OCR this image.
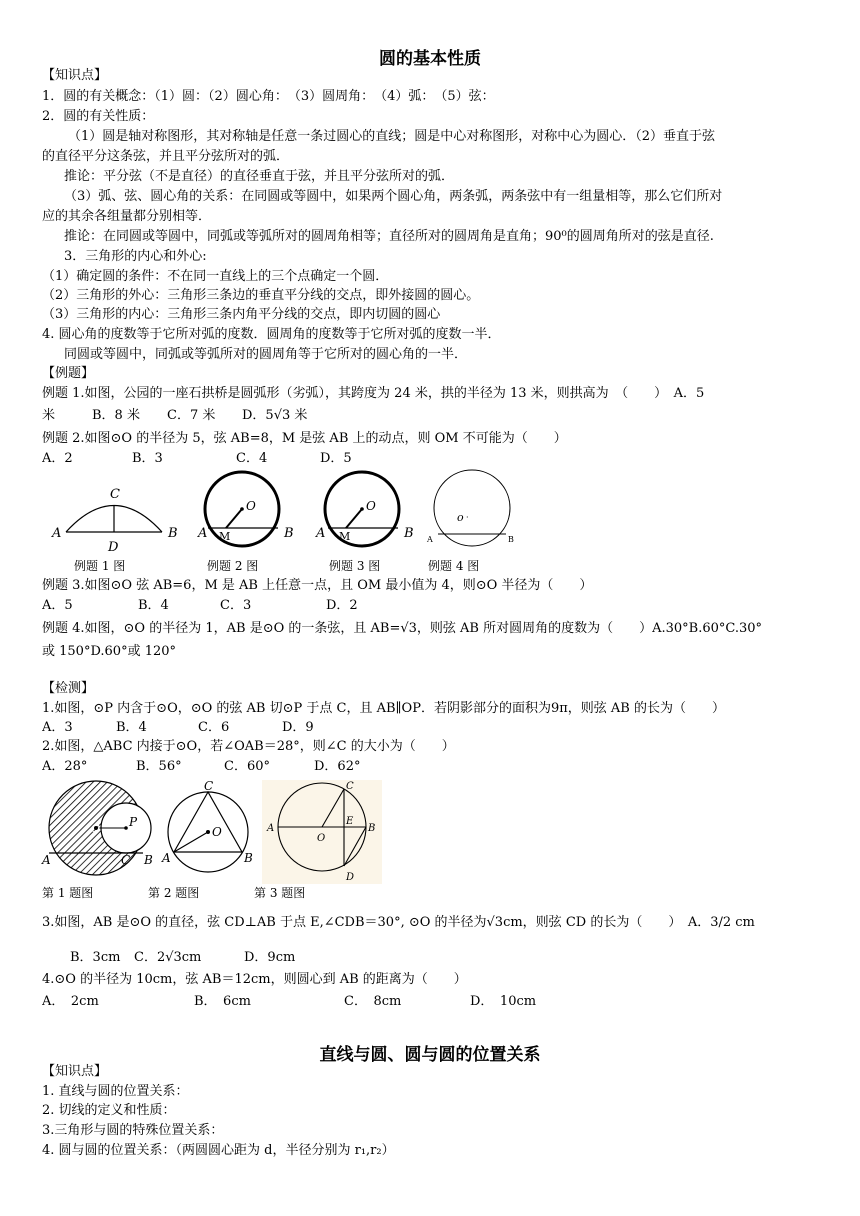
圆的基本性质
【知识点】
1．圆的有关概念：（1）圆：（2）圆心角：　（3）圆周角：　（4）弧：　（5）弦：
2．圆的有关性质：
（1）圆是轴对称图形，其对称轴是任意一条过圆心的直线；圆是中心对称图形，对称中心为圆心．（2）垂直于弦
的直径平分这条弦，并且平分弦所对的弧．
推论：平分弦（不是直径）的直径垂直于弦，并且平分弦所对的弧．
（3）弧、弦、圆心角的关系：在同圆或等圆中，如果两个圆心角，两条弧，两条弦中有一组量相等，那么它们所对
应的其余各组量都分别相等．
推论：在同圆或等圆中，同弧或等弧所对的圆周角相等；直径所对的圆周角是直角；90⁰的圆周角所对的弦是直径.
3．三角形的内心和外心:
（1）确定圆的条件：不在同一直线上的三个点确定一个圆．
（2）三角形的外心：三角形三条边的垂直平分线的交点，即外接圆的圆心。
（3）三角形的内心：三角形三条内角平分线的交点，即内切圆的圆心
4. 圆心角的度数等于它所对弧的度数．圆周角的度数等于它所对弧的度数一半．
同圆或等圆中，同弧或等弧所对的圆周角等于它所对的圆心角的一半．
【例题】
例题 1.如图，公园的一座石拱桥是圆弧形（劣弧），其跨度为 24 米，拱的半径为 13 米，则拱高为　（　　）　A．5
米	B．8 米 C．7 米 D．5√3 米
例题 2.如图⊙O 的半径为 5，弦 AB=8，M 是弦 AB 上的动点，则 OM 不可能为（　　）
A．2	B．3	C．4	D．5
A	B
C
D
O
A M	B
O
A M	B
o ·
A	B
例题 1 图	例题 2 图	例题 3 图	例题 4 图
例题 3.如图⊙O 弦 AB=6，M 是 AB 上任意一点，且 OM 最小值为 4，则⊙O 半径为（　　）
A．5	B．4	C．3	D．2
例题 4.如图，⊙O 的半径为 1，AB 是⊙O 的一条弦，且 AB=√3，则弦 AB 所对圆周角的度数为（　　）A.30°B.60°C.30°
或 150°D.60°或 120°
【检测】
1.如图，⊙P 内含于⊙O，⊙O 的弦 AB 切⊙P 于点 C，且 AB∥OP．若阴影部分的面积为9π，则弦 AB 的长为（　　）
A．3	B．4	C．6	D．9
2.如图，△ABC 内接于⊙O，若∠OAB＝28°，则∠C 的大小为（　　）
A．28°	B．56°	C．60°	D．62°
P
O
A	C B
O
C
A	B
A
O
E
B
C
D
第 1 题图	第 2 题图	第 3 题图
3.如图，AB 是⊙O 的直径，弦 CD⊥AB 于点 E,∠CDB＝30°, ⊙O 的半径为√3cm，则弦 CD 的长为（　　）　A．3/2 cm
B．3cm C．2√3cm	D．9cm
4.⊙O 的半径为 10cm，弦 AB＝12cm，则圆心到 AB 的距离为（　　）
A．　2cm	B．　6cm	C．　8cm	D．　10cm
直线与圆、圆与圆的位置关系
【知识点】
1. 直线与圆的位置关系：
2. 切线的定义和性质：
3.三角形与圆的特殊位置关系：
4. 圆与圆的位置关系：（两圆圆心距为 d，半径分别为 r₁,r₂）
